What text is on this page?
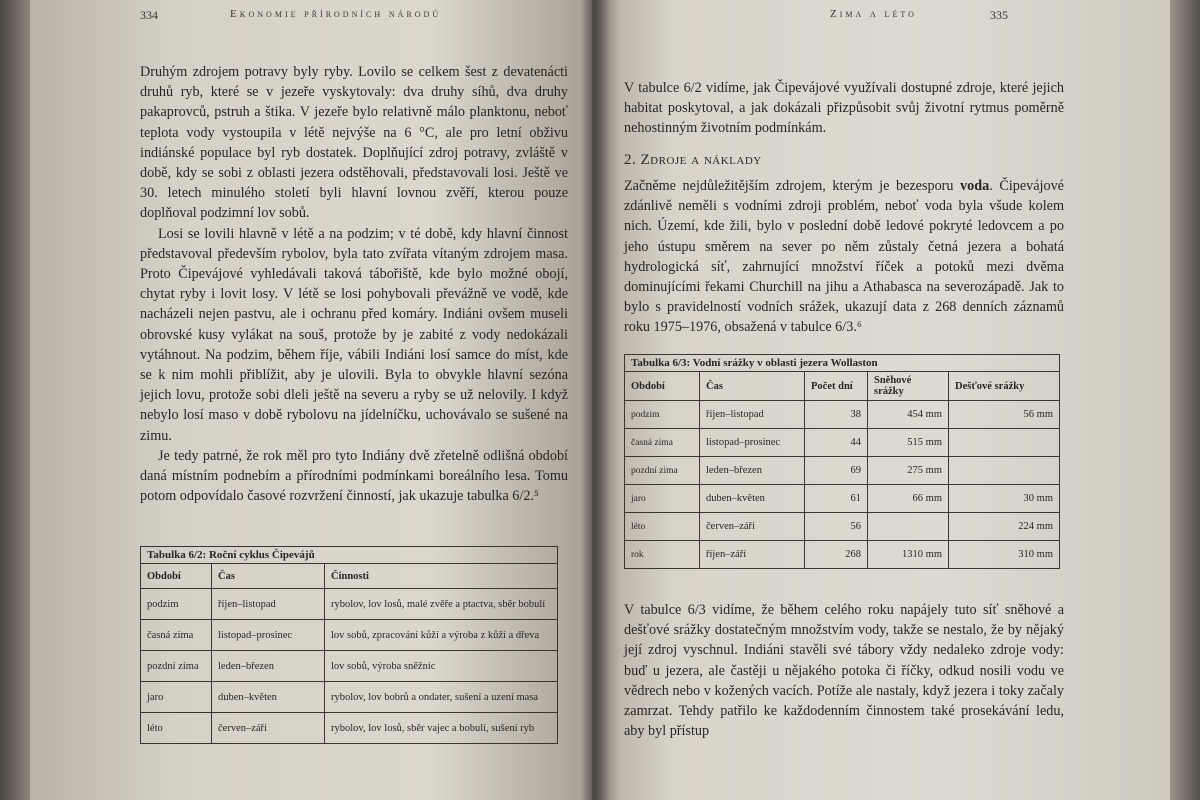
334	Ekonomie přírodních národů

Druhým zdrojem potravy byly ryby. Lovilo se celkem šest z devatenácti druhů ryb, které se v jezeře vyskytovaly: dva druhy síhů, dva druhy pakaprovců, pstruh a štika. V jezeře bylo relativně málo planktonu, neboť teplota vody vystoupila v létě nejvýše na 6 °C, ale pro letní obživu indiánské populace byl ryb dostatek. Doplňující zdroj potravy, zvláště v době, kdy se sobi z oblasti jezera odstěhovali, představovali losi. Ještě ve 30. letech minulého století byli hlavní lovnou zvěří, kterou pouze doplňoval podzimní lov sobů.

Losi se lovili hlavně v létě a na podzim; v té době, kdy hlavní činnost představoval především rybolov, byla tato zvířata vítaným zdrojem masa. Proto Čipevájové vyhledávali taková tábořiště, kde bylo možné obojí, chytat ryby i lovit losy. V létě se losi pohybovali převážně ve vodě, kde nacházeli nejen pastvu, ale i ochranu před komáry. Indiáni ovšem museli obrovské kusy vylákat na souš, protože by je zabité z vody nedokázali vytáhnout. Na podzim, během říje, vábili Indiáni losí samce do míst, kde se k nim mohli přiblížit, aby je ulovili. Byla to obvykle hlavní sezóna jejich lovu, protože sobi dleli ještě na severu a ryby se už nelovily. I když nebylo losí maso v době rybolovu na jídelníčku, uchovávalo se sušené na zimu.

Je tedy patrné, že rok měl pro tyto Indiány dvě zřetelně odlišná období daná místním podnebím a přírodními podmínkami boreálního lesa. Tomu potom odpovídalo časové rozvržení činností, jak ukazuje tabulka 6/2.⁵

Tabulka 6/2: Roční cyklus Čipevájů
Období	Čas	Činnosti
podzim	říjen–listopad	rybolov, lov losů, malé zvěře a ptactva, sběr bobulí
časná zima	listopad–prosinec	lov sobů, zpracování kůží a výroba z kůží a dřeva
pozdní zima	leden–březen	lov sobů, výroba sněžnic
jaro	duben–květen	rybolov, lov bobrů a ondater, sušení a uzení masa
léto	červen–září	rybolov, lov losů, sběr vajec a bobulí, sušení ryb
Zima a léto	335
V tabulce 6/2 vidíme, jak Čipevájové využívali dostupné zdroje, které jejich habitat poskytoval, a jak dokázali přizpůsobit svůj životní rytmus poměrně nehostinným životním podmínkám.
2. Zdroje a náklady
Začněme nejdůležitějším zdrojem, kterým je bezesporu voda. Čipevájové zdánlivě neměli s vodními zdroji problém, neboť voda byla všude kolem nich. Území, kde žili, bylo v poslední době ledové pokryté ledovcem a po jeho ústupu směrem na sever po něm zůstaly četná jezera a bohatá hydrologická síť, zahrnující množství říček a potoků mezi dvěma dominujícími řekami Churchill na jihu a Athabasca na severozápadě. Jak to bylo s pravidelností vodních srážek, ukazují data z 268 denních záznamů roku 1975–1976, obsažená v tabulce 6/3.⁶
Tabulka 6/3: Vodní srážky v oblasti jezera Wollaston
Období	Čas	Počet dní	Sněhové srážky	Dešťové srážky
podzim	říjen–listopad	38	454 mm	56 mm
časná zima	listopad–prosinec	44	515 mm	
pozdní zima	leden–březen	69	275 mm	
jaro	duben–květen	61	66 mm	30 mm
léto	červen–září	56		224 mm
rok	říjen–září	268	1310 mm	310 mm
V tabulce 6/3 vidíme, že během celého roku napájely tuto síť sněhové a dešťové srážky dostatečným množstvím vody, takže se nestalo, že by nějaký její zdroj vyschnul. Indiáni stavěli své tábory vždy nedaleko zdroje vody: buď u jezera, ale častěji u nějakého potoka či říčky, odkud nosili vodu ve vědrech nebo v kožených vacích. Potíže ale nastaly, když jezera i toky začaly zamrzat. Tehdy patřilo ke každodenním činnostem také prosekávání ledu, aby byl přístup
